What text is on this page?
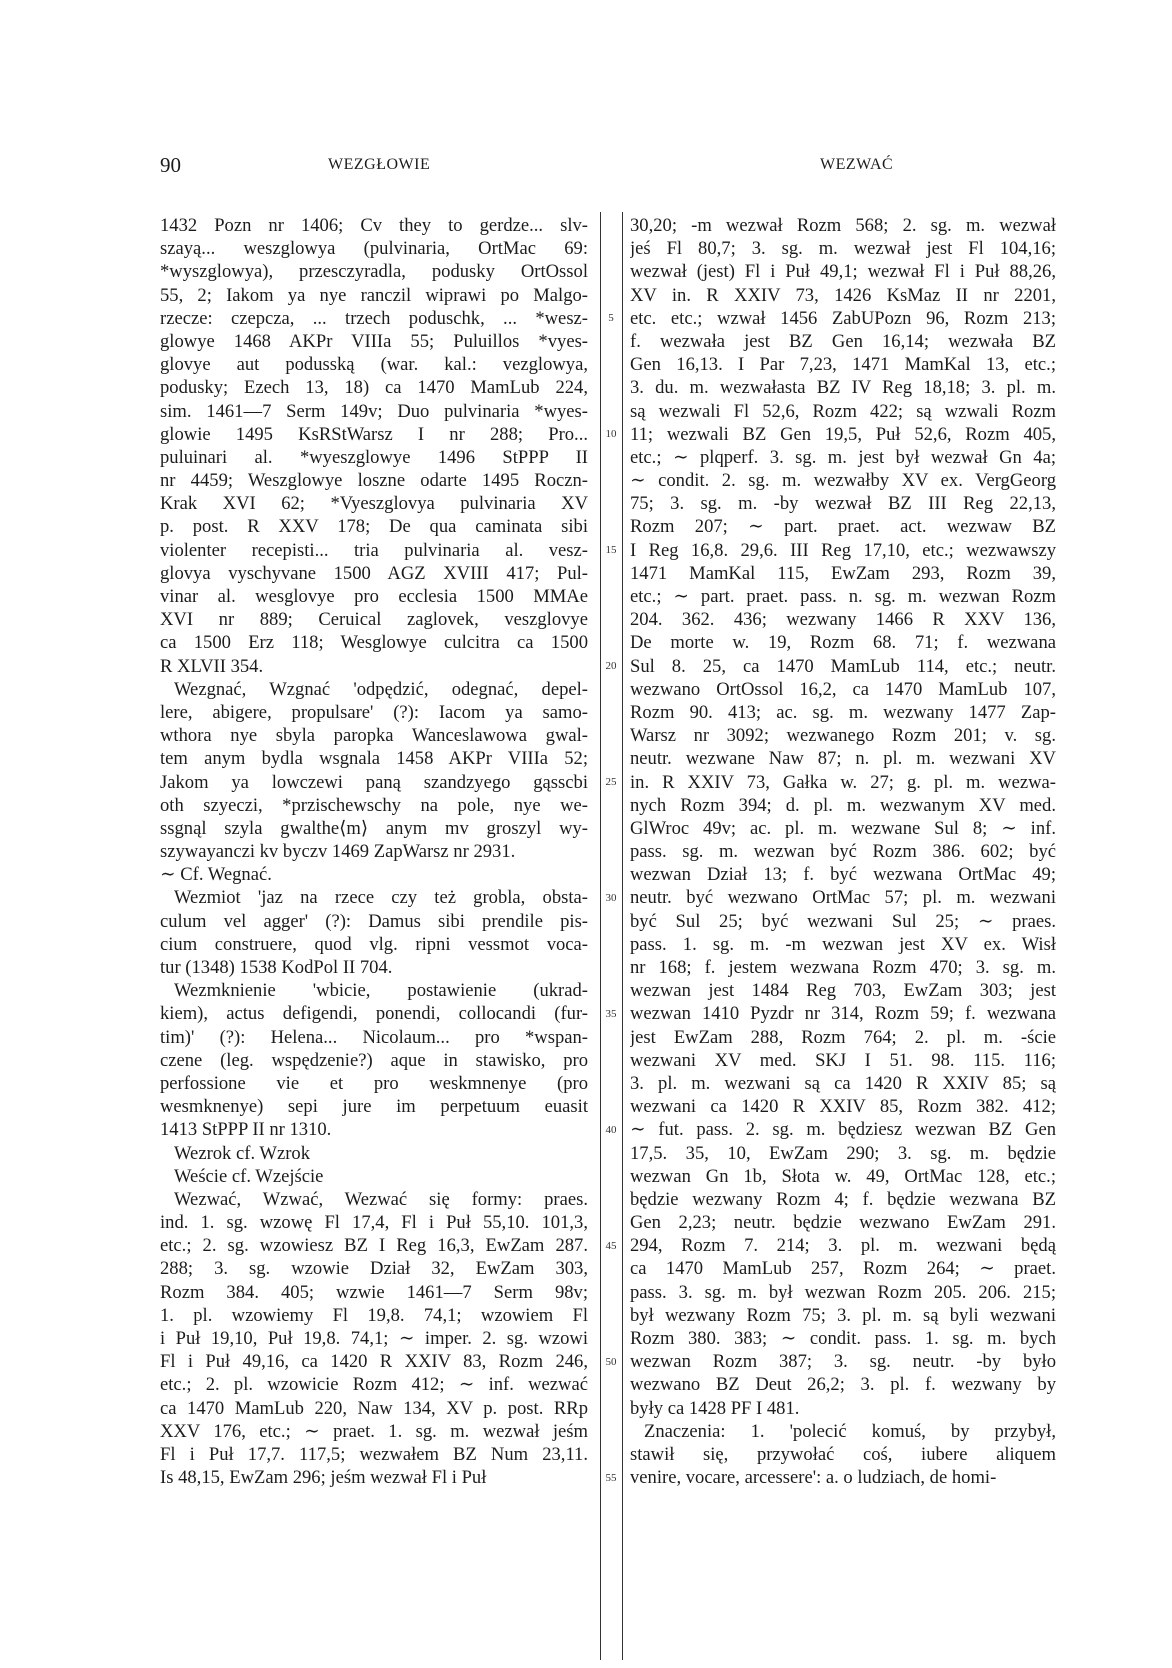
90	WEZGŁOWIE	WEZWAĆ
5
10
15
20
25
30
35
40
45
50
55
1432 Pozn nr 1406; Cv they to gerdze... slv-
szayą... weszglowya (pulvinaria, OrtMac 69:
*wyszglowya), przesczyradla, podusky OrtOssol
55, 2; Iakom ya nye ranczil wiprawi po Malgo-
rzecze: czepcza, ... trzech poduschk, ... *wesz-
glowye 1468 AKPr VIIIa 55; Puluillos *vyes-
glovye aut podusską (war. kal.: vezglowya,
podusky; Ezech 13, 18) ca 1470 MamLub 224,
sim. 1461—7 Serm 149v; Duo pulvinaria *wyes-
glowie 1495 KsRStWarsz I nr 288; Pro...
puluinari al. *wyeszglowye 1496 StPPP II
nr 4459; Weszglowye loszne odarte 1495 Roczn-
Krak XVI 62; *Vyeszglovya pulvinaria XV
p. post. R XXV 178; De qua caminata sibi
violenter recepisti... tria pulvinaria al. vesz-
glovya vyschyvane 1500 AGZ XVIII 417; Pul-
vinar al. wesglovye pro ecclesia 1500 MMAe
XVI nr 889; Ceruical zaglovek, veszglovye
ca 1500 Erz 118; Wesglowye culcitra ca 1500
R XLVII 354.
Wezgnać, Wzgnać 'odpędzić, odegnać, depel-
lere, abigere, propulsare' (?): Iacom ya samo-
wthora nye sbyla paropka Wanceslawowa gwal-
tem anym bydla wsgnala 1458 AKPr VIIIa 52;
Jakom ya lowczewi paną szandzyego gąsscbi
oth szyeczi, *przischewschy na pole, nye we-
ssgnąl szyla gwalthe⟨m⟩ anym mv groszyl wy-
szywayanczi kv byczv 1469 ZapWarsz nr 2931.
∼ Cf. Wegnać.
Wezmiot 'jaz na rzece czy też grobla, obsta-
culum vel agger' (?): Damus sibi prendile pis-
cium construere, quod vlg. ripni vessmot voca-
tur (1348) 1538 KodPol II 704.
Wezmknienie 'wbicie, postawienie (ukrad-
kiem), actus defigendi, ponendi, collocandi (fur-
tim)' (?): Helena... Nicolaum... pro *wspan-
czene (leg. wspędzenie?) aque in stawisko, pro
perfossione vie et pro weskmnenye (pro
wesmknenye) sepi jure im perpetuum euasit
1413 StPPP II nr 1310.
Wezrok cf. Wzrok
Weście cf. Wzejście
Wezwać, Wzwać, Wezwać się formy: praes.
ind. 1. sg. wzowę Fl 17,4, Fl i Puł 55,10. 101,3,
etc.; 2. sg. wzowiesz BZ I Reg 16,3, EwZam 287.
288; 3. sg. wzowie Dział 32, EwZam 303,
Rozm 384. 405; wzwie 1461—7 Serm 98v;
1. pl. wzowiemy Fl 19,8. 74,1; wzowiem Fl
i Puł 19,10, Puł 19,8. 74,1; ∼ imper. 2. sg. wzowi
Fl i Puł 49,16, ca 1420 R XXIV 83, Rozm 246,
etc.; 2. pl. wzowicie Rozm 412; ∼ inf. wezwać
ca 1470 MamLub 220, Naw 134, XV p. post. RRp
XXV 176, etc.; ∼ praet. 1. sg. m. wezwał jeśm
Fl i Puł 17,7. 117,5; wezwałem BZ Num 23,11.
Is 48,15, EwZam 296; jeśm wezwał Fl i Puł
30,20; -m wezwał Rozm 568; 2. sg. m. wezwał
jeś Fl 80,7; 3. sg. m. wezwał jest Fl 104,16;
wezwał (jest) Fl i Puł 49,1; wezwał Fl i Puł 88,26,
XV in. R XXIV 73, 1426 KsMaz II nr 2201,
etc. etc.; wzwał 1456 ZabUPozn 96, Rozm 213;
f. wezwała jest BZ Gen 16,14; wezwała BZ
Gen 16,13. I Par 7,23, 1471 MamKal 13, etc.;
3. du. m. wezwałasta BZ IV Reg 18,18; 3. pl. m.
są wezwali Fl 52,6, Rozm 422; są wzwali Rozm
11; wezwali BZ Gen 19,5, Puł 52,6, Rozm 405,
etc.; ∼ plqperf. 3. sg. m. jest był wezwał Gn 4a;
∼ condit. 2. sg. m. wezwałby XV ex. VergGeorg
75; 3. sg. m. -by wezwał BZ III Reg 22,13,
Rozm 207; ∼ part. praet. act. wezwaw BZ
I Reg 16,8. 29,6. III Reg 17,10, etc.; wezwawszy
1471 MamKal 115, EwZam 293, Rozm 39,
etc.; ∼ part. praet. pass. n. sg. m. wezwan Rozm
204. 362. 436; wezwany 1466 R XXV 136,
De morte w. 19, Rozm 68. 71; f. wezwana
Sul 8. 25, ca 1470 MamLub 114, etc.; neutr.
wezwano OrtOssol 16,2, ca 1470 MamLub 107,
Rozm 90. 413; ac. sg. m. wezwany 1477 Zap-
Warsz nr 3092; wezwanego Rozm 201; v. sg.
neutr. wezwane Naw 87; n. pl. m. wezwani XV
in. R XXIV 73, Gałka w. 27; g. pl. m. wezwa-
nych Rozm 394; d. pl. m. wezwanym XV med.
GlWroc 49v; ac. pl. m. wezwane Sul 8; ∼ inf.
pass. sg. m. wezwan być Rozm 386. 602; być
wezwan Dział 13; f. być wezwana OrtMac 49;
neutr. być wezwano OrtMac 57; pl. m. wezwani
być Sul 25; być wezwani Sul 25; ∼ praes.
pass. 1. sg. m. -m wezwan jest XV ex. Wisł
nr 168; f. jestem wezwana Rozm 470; 3. sg. m.
wezwan jest 1484 Reg 703, EwZam 303; jest
wezwan 1410 Pyzdr nr 314, Rozm 59; f. wezwana
jest EwZam 288, Rozm 764; 2. pl. m. -ście
wezwani XV med. SKJ I 51. 98. 115. 116;
3. pl. m. wezwani są ca 1420 R XXIV 85; są
wezwani ca 1420 R XXIV 85, Rozm 382. 412;
∼ fut. pass. 2. sg. m. będziesz wezwan BZ Gen
17,5. 35, 10, EwZam 290; 3. sg. m. będzie
wezwan Gn 1b, Słota w. 49, OrtMac 128, etc.;
będzie wezwany Rozm 4; f. będzie wezwana BZ
Gen 2,23; neutr. będzie wezwano EwZam 291.
294, Rozm 7. 214; 3. pl. m. wezwani będą
ca 1470 MamLub 257, Rozm 264; ∼ praet.
pass. 3. sg. m. był wezwan Rozm 205. 206. 215;
był wezwany Rozm 75; 3. pl. m. są byli wezwani
Rozm 380. 383; ∼ condit. pass. 1. sg. m. bych
wezwan Rozm 387; 3. sg. neutr. -by było
wezwano BZ Deut 26,2; 3. pl. f. wezwany by
były ca 1428 PF I 481.
Znaczenia: 1. 'polecić komuś, by przybył,
stawił się, przywołać coś, iubere aliquem
venire, vocare, arcessere': a. o ludziach, de homi-
